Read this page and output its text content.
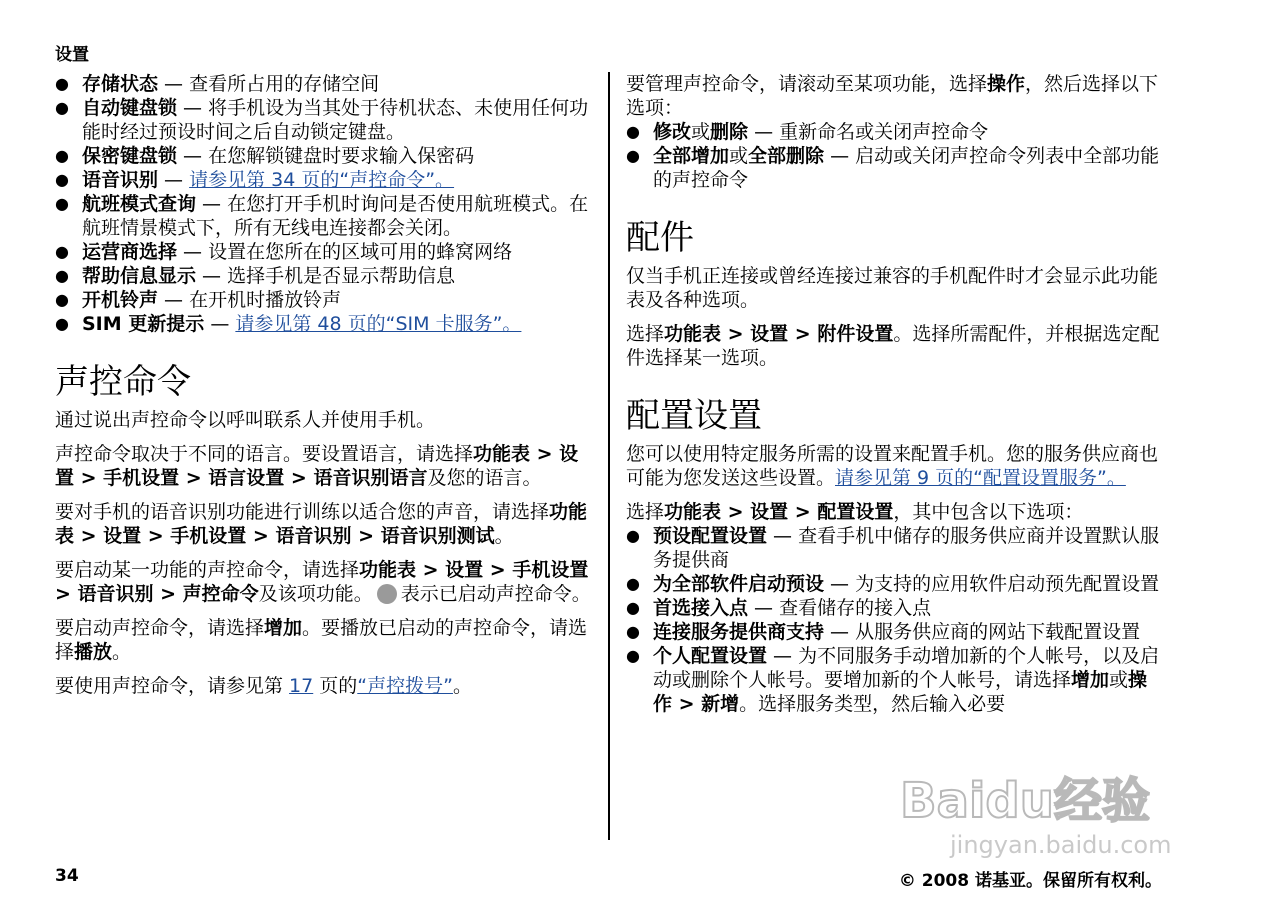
设置
● 存储状态 — 查看所占用的存储空间
● 自动键盘锁 — 将手机设为当其处于待机状态、未使用任何功能时经过预设时间之后自动锁定键盘。
● 保密键盘锁 — 在您解锁键盘时要求输入保密码
● 语音识别 — 请参见第 34 页的“声控命令”。
● 航班模式查询 — 在您打开手机时询问是否使用航班模式。在航班情景模式下，所有无线电连接都会关闭。
● 运营商选择 — 设置在您所在的区域可用的蜂窝网络
● 帮助信息显示 — 选择手机是否显示帮助信息
● 开机铃声 — 在开机时播放铃声
● SIM 更新提示 — 请参见第 48 页的“SIM 卡服务”。
声控命令

通过说出声控命令以呼叫联系人并使用手机。

声控命令取决于不同的语言。要设置语言，请选择功能表 > 设置 > 手机设置 > 语言设置 > 语音识别语言及您的语言。

要对手机的语音识别功能进行训练以适合您的声音，请选择功能表 > 设置 > 手机设置 > 语音识别 > 语音识别测试。

要启动某一功能的声控命令，请选择功能表 > 设置 > 手机设置 > 语音识别 > 声控命令及该项功能。 表示已启动声控命令。

要启动声控命令，请选择增加。要播放已启动的声控命令，请选择播放。

要使用声控命令，请参见第 17 页的“声控拨号”。

要管理声控命令，请滚动至某项功能，选择操作，然后选择以下选项：

● 修改或删除 — 重新命名或关闭声控命令
● 全部增加或全部删除 — 启动或关闭声控命令列表中全部功能的声控命令
配件

仅当手机正连接或曾经连接过兼容的手机配件时才会显示此功能表及各种选项。

选择功能表 > 设置 > 附件设置。选择所需配件，并根据选定配件选择某一选项。

配置设置

您可以使用特定服务所需的设置来配置手机。您的服务供应商也可能为您发送这些设置。请参见第 9 页的“配置设置服务”。

选择功能表 > 设置 > 配置设置，其中包含以下选项：

● 预设配置设置 — 查看手机中储存的服务供应商并设置默认服务提供商
● 为全部软件启动预设 — 为支持的应用软件启动预先配置设置
● 首选接入点 — 查看储存的接入点
● 连接服务提供商支持 — 从服务供应商的网站下载配置设置
● 个人配置设置 — 为不同服务手动增加新的个人帐号，以及启动或删除个人帐号。要增加新的个人帐号，请选择增加或操作 > 新增。选择服务类型，然后输入必要
Baidu经验
jingyan.baidu.com
34	© 2008 诺基亚。保留所有权利。
